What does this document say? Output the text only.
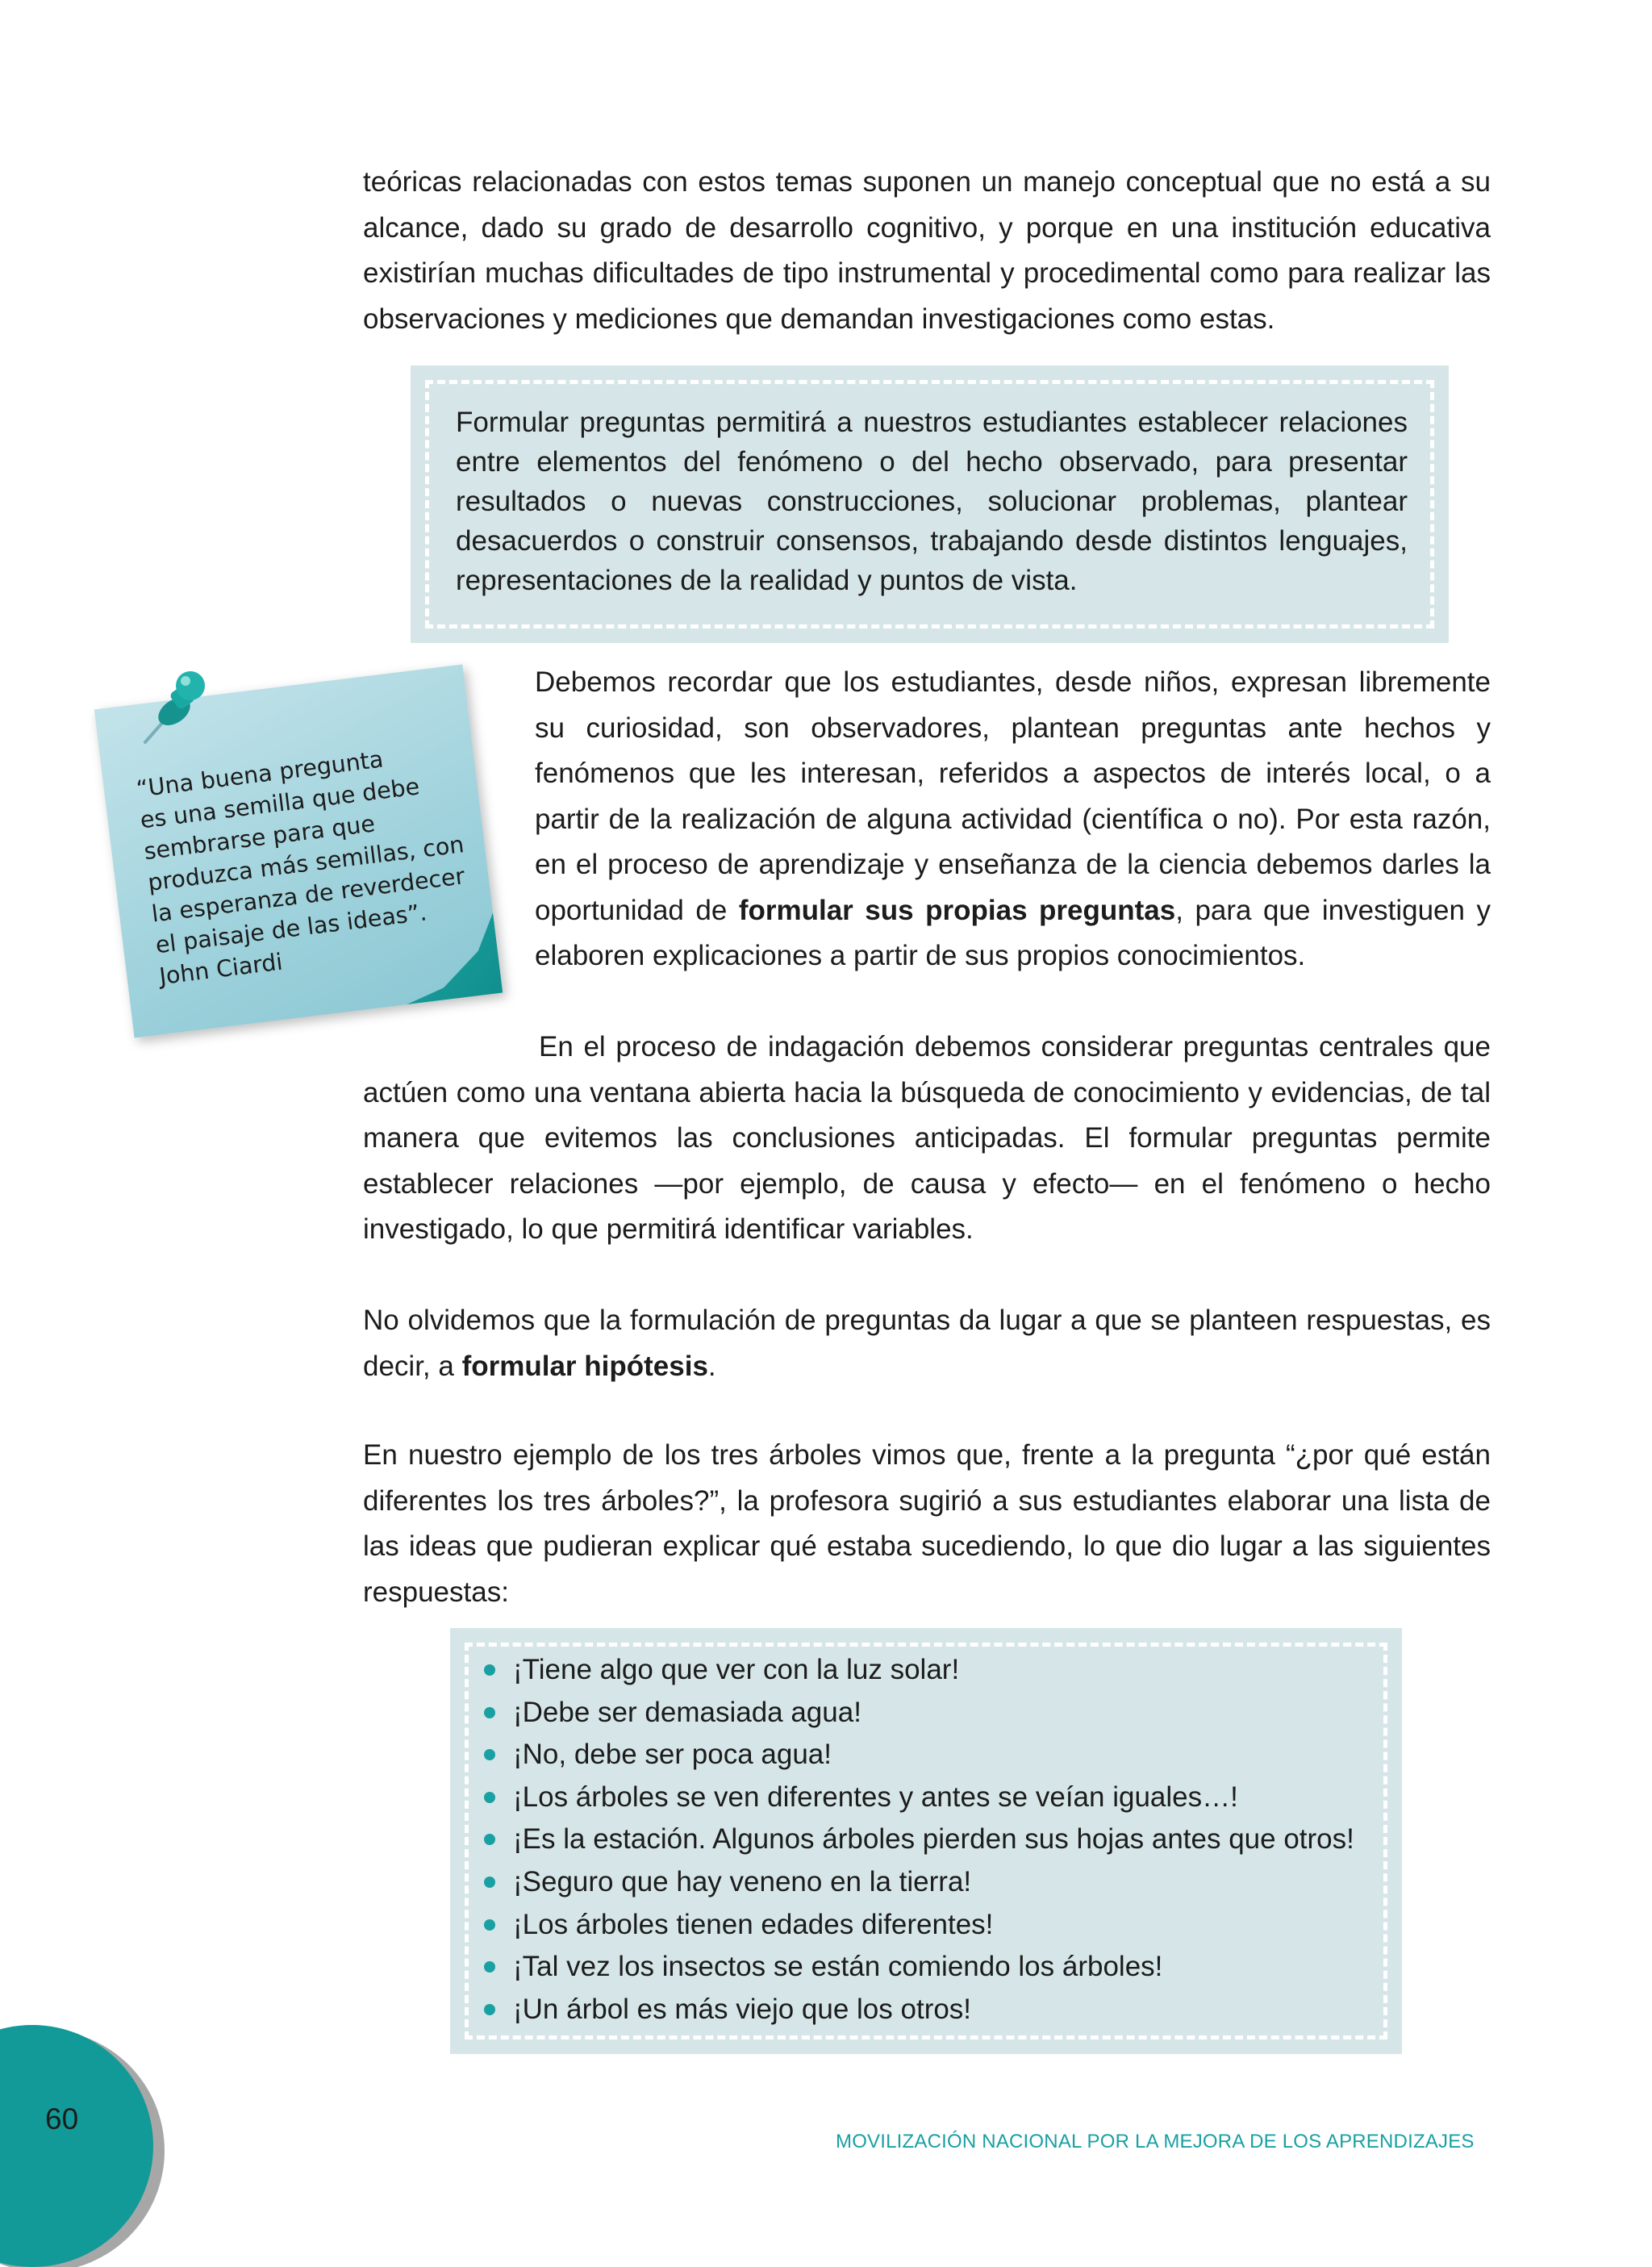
teóricas relacionadas con estos temas suponen un manejo conceptual que no está a su alcance, dado su grado de desarrollo cognitivo, y porque en una institución educativa existirían muchas dificultades de tipo instrumental y procedimental como para realizar las observaciones y mediciones que demandan investigaciones como estas.

Formular preguntas permitirá a nuestros estudiantes establecer relaciones entre elementos del fenómeno o del hecho observado, para presentar resultados o nuevas construcciones, solucionar problemas, plantear desacuerdos o construir consensos, trabajando desde distintos lenguajes, representaciones de la realidad y puntos de vista.

“Una buena pregunta
es una semilla que debe
sembrarse para que
produzca más semillas, con
la esperanza de reverdecer
el paisaje de las ideas”.
John Ciardi

Debemos recordar que los estudiantes, desde niños, expresan libremente su curiosidad, son observadores, plantean preguntas ante hechos y fenómenos que les interesan, referidos a aspectos de interés local, o a partir de la realización de alguna actividad (científica o no). Por esta razón, en el proceso de aprendizaje y enseñanza de la ciencia debemos darles la oportunidad de formular sus propias preguntas, para que investiguen y elaboren explicaciones a partir de sus propios conocimientos.

En el proceso de indagación debemos considerar preguntas centrales que actúen como una ventana abierta hacia la búsqueda de conocimiento y evidencias, de tal manera que evitemos las conclusiones anticipadas. El formular preguntas permite establecer relaciones —por ejemplo, de causa y efecto— en el fenómeno o hecho investigado, lo que permitirá identificar variables.

No olvidemos que la formulación de preguntas da lugar a que se planteen respuestas, es decir, a formular hipótesis.

En nuestro ejemplo de los tres árboles vimos que, frente a la pregunta “¿por qué están diferentes los tres árboles?”, la profesora sugirió a sus estudiantes elaborar una lista de las ideas que pudieran explicar qué estaba sucediendo, lo que dio lugar a las siguientes respuestas:

¡Tiene algo que ver con la luz solar!
¡Debe ser demasiada agua!
¡No, debe ser poca agua!
¡Los árboles se ven diferentes y antes se veían iguales…!
¡Es la estación. Algunos árboles pierden sus hojas antes que otros!
¡Seguro que hay veneno en la tierra!
¡Los árboles tienen edades diferentes!
¡Tal vez los insectos se están comiendo los árboles!
¡Un árbol es más viejo que los otros!
60
MOVILIZACIÓN NACIONAL POR LA MEJORA DE LOS APRENDIZAJES
